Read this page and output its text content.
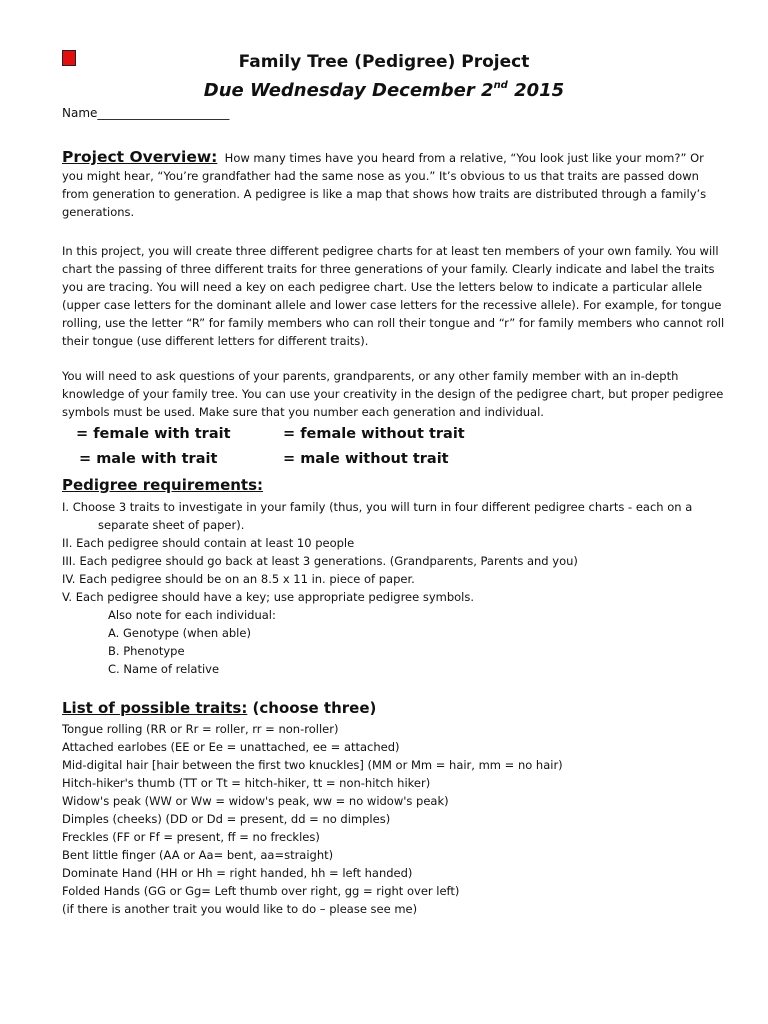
Family Tree (Pedigree) Project
Due Wednesday December 2nd 2015
Name______________________

Project Overview: How many times have you heard from a relative, “You look just like your mom?” Or you might hear, “You’re grandfather had the same nose as you.” It’s obvious to us that traits are passed down from generation to generation. A pedigree is like a map that shows how traits are distributed through a family’s generations.

In this project, you will create three different pedigree charts for at least ten members of your own family. You will chart the passing of three different traits for three generations of your family. Clearly indicate and label the traits you are tracing. You will need a key on each pedigree chart. Use the letters below to indicate a particular allele (upper case letters for the dominant allele and lower case letters for the recessive allele). For example, for tongue rolling, use the letter “R” for family members who can roll their tongue and “r” for family members who cannot roll their tongue (use different letters for different traits).

You will need to ask questions of your parents, grandparents, or any other family member with an in-depth knowledge of your family tree. You can use your creativity in the design of the pedigree chart, but proper pedigree symbols must be used. Make sure that you number each generation and individual.

= female with trait	= female without trait
= male with trait	= male without trait
Pedigree requirements:
I. Choose 3 traits to investigate in your family (thus, you will turn in four different pedigree charts - each on a
separate sheet of paper).
II. Each pedigree should contain at least 10 people
III. Each pedigree should go back at least 3 generations. (Grandparents, Parents and you)
IV. Each pedigree should be on an 8.5 x 11 in. piece of paper.
V. Each pedigree should have a key; use appropriate pedigree symbols.
Also note for each individual:
A. Genotype (when able)
B. Phenotype
C. Name of relative
List of possible traits: (choose three)
Tongue rolling (RR or Rr = roller, rr = non-roller)
Attached earlobes (EE or Ee = unattached, ee = attached)
Mid-digital hair [hair between the first two knuckles] (MM or Mm = hair, mm = no hair)
Hitch-hiker's thumb (TT or Tt = hitch-hiker, tt = non-hitch hiker)
Widow's peak (WW or Ww = widow's peak, ww = no widow's peak)
Dimples (cheeks) (DD or Dd = present, dd = no dimples)
Freckles (FF or Ff = present, ff = no freckles)
Bent little finger (AA or Aa= bent, aa=straight)
Dominate Hand (HH or Hh = right handed, hh = left handed)
Folded Hands (GG or Gg= Left thumb over right, gg = right over left)
(if there is another trait you would like to do – please see me)
